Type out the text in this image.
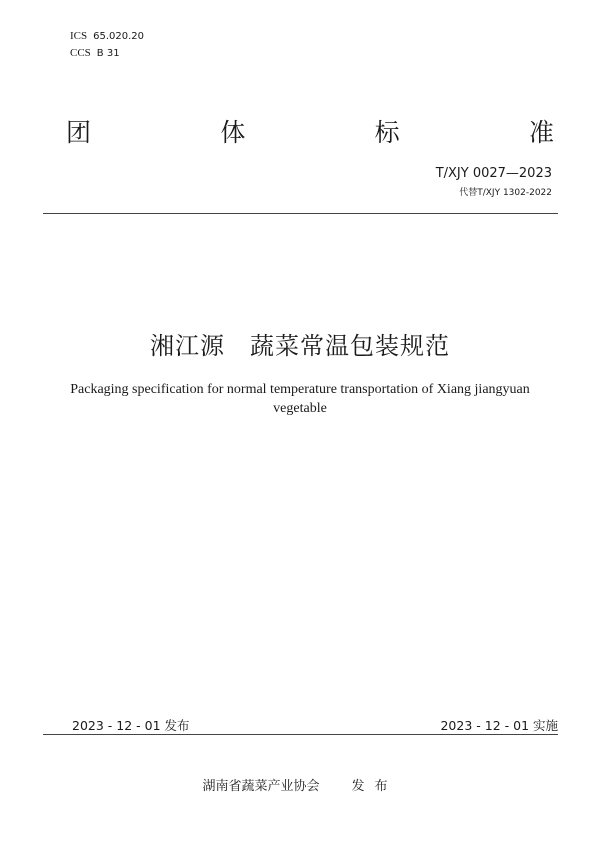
ICS 65.020.20
CCS B 31
团	体	标	准
T/XJY 0027—2023
代替T/XJY 1302-2022
湘江源　蔬菜常温包装规范
Packaging specification for normal temperature transportation of Xiang jiangyuan
vegetable
2023 - 12 - 01 发布	2023 - 12 - 01 实施
湖南省蔬菜产业协会 发布
